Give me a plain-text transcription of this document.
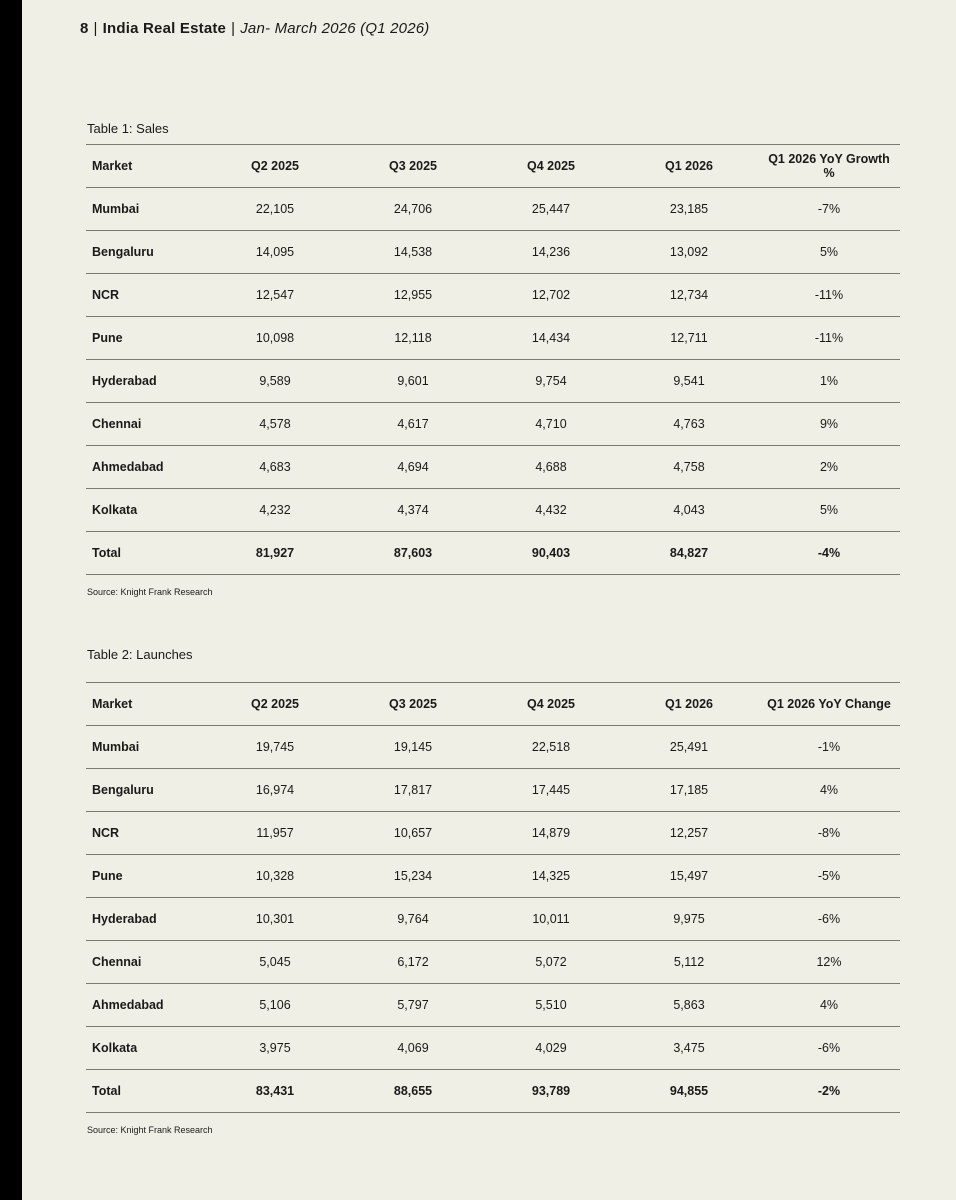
8 | India Real Estate | Jan- March 2026 (Q1 2026)
Table 1: Sales
Market	Q2 2025	Q3 2025	Q4 2025	Q1 2026	Q1 2026 YoY Growth %
Mumbai	22,105	24,706	25,447	23,185	-7%
Bengaluru	14,095	14,538	14,236	13,092	5%
NCR	12,547	12,955	12,702	12,734	-11%
Pune	10,098	12,118	14,434	12,711	-11%
Hyderabad	9,589	9,601	9,754	9,541	1%
Chennai	4,578	4,617	4,710	4,763	9%
Ahmedabad	4,683	4,694	4,688	4,758	2%
Kolkata	4,232	4,374	4,432	4,043	5%
Total	81,927	87,603	90,403	84,827	-4%
Source: Knight Frank Research
Table 2: Launches
Market	Q2 2025	Q3 2025	Q4 2025	Q1 2026	Q1 2026 YoY Change
Mumbai	19,745	19,145	22,518	25,491	-1%
Bengaluru	16,974	17,817	17,445	17,185	4%
NCR	11,957	10,657	14,879	12,257	-8%
Pune	10,328	15,234	14,325	15,497	-5%
Hyderabad	10,301	9,764	10,011	9,975	-6%
Chennai	5,045	6,172	5,072	5,112	12%
Ahmedabad	5,106	5,797	5,510	5,863	4%
Kolkata	3,975	4,069	4,029	3,475	-6%
Total	83,431	88,655	93,789	94,855	-2%
Source: Knight Frank Research
